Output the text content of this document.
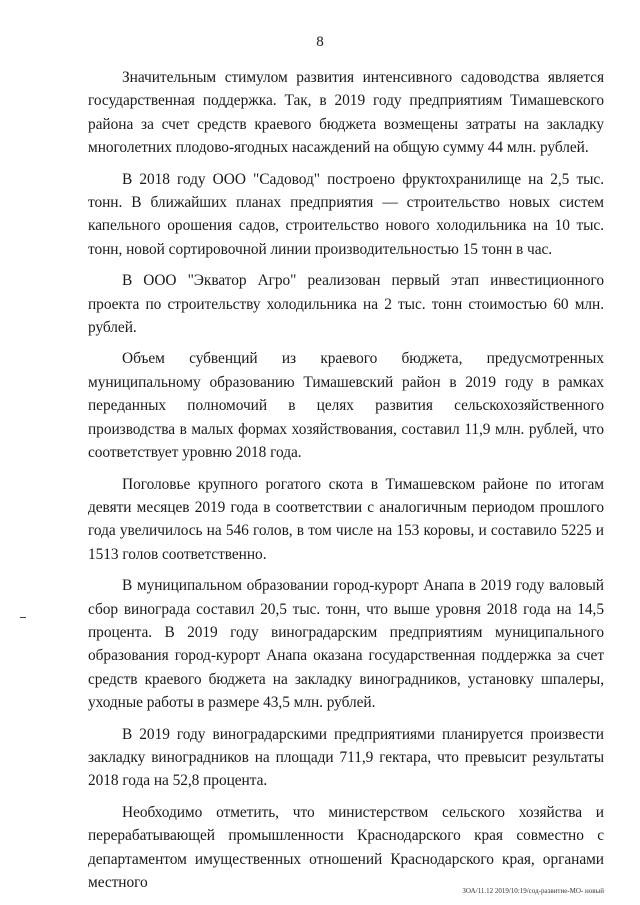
8

Значительным стимулом развития интенсивного садоводства является государственная поддержка. Так, в 2019 году предприятиям Тимашевского района за счет средств краевого бюджета возмещены затраты на закладку многолетних плодово-ягодных насаждений на общую сумму 44 млн. рублей.

В 2018 году ООО "Садовод" построено фруктохранилище на 2,5 тыс. тонн. В ближайших планах предприятия — строительство новых систем капельного орошения садов, строительство нового холодильника на 10 тыс. тонн, новой сортировочной линии производительностью 15 тонн в час.

В ООО "Экватор Агро" реализован первый этап инвестиционного проекта по строительству холодильника на 2 тыс. тонн стоимостью 60 млн. рублей.

Объем субвенций из краевого бюджета, предусмотренных муниципальному образованию Тимашевский район в 2019 году в рамках переданных полномочий в целях развития сельскохозяйственного производства в малых формах хозяйствования, составил 11,9 млн. рублей, что соответствует уровню 2018 года.

Поголовье крупного рогатого скота в Тимашевском районе по итогам девяти месяцев 2019 года в соответствии с аналогичным периодом прошлого года увеличилось на 546 голов, в том числе на 153 коровы, и составило 5225 и 1513 голов соответственно.

В муниципальном образовании город-курорт Анапа в 2019 году валовый сбор винограда составил 20,5 тыс. тонн, что выше уровня 2018 года на 14,5 процента. В 2019 году виноградарским предприятиям муниципального образования город-курорт Анапа оказана государственная поддержка за счет средств краевого бюджета на закладку виноградников, установку шпалеры, уходные работы в размере 43,5 млн. рублей.

В 2019 году виноградарскими предприятиями планируется произвести закладку виноградников на площади 711,9 гектара, что превысит результаты 2018 года на 52,8 процента.

Необходимо отметить, что министерством сельского хозяйства и перерабатывающей промышленности Краснодарского края совместно с департаментом имущественных отношений Краснодарского края, органами местного	ЗОА/11.12 2019/10:19/сод-развитие-МО- новый
